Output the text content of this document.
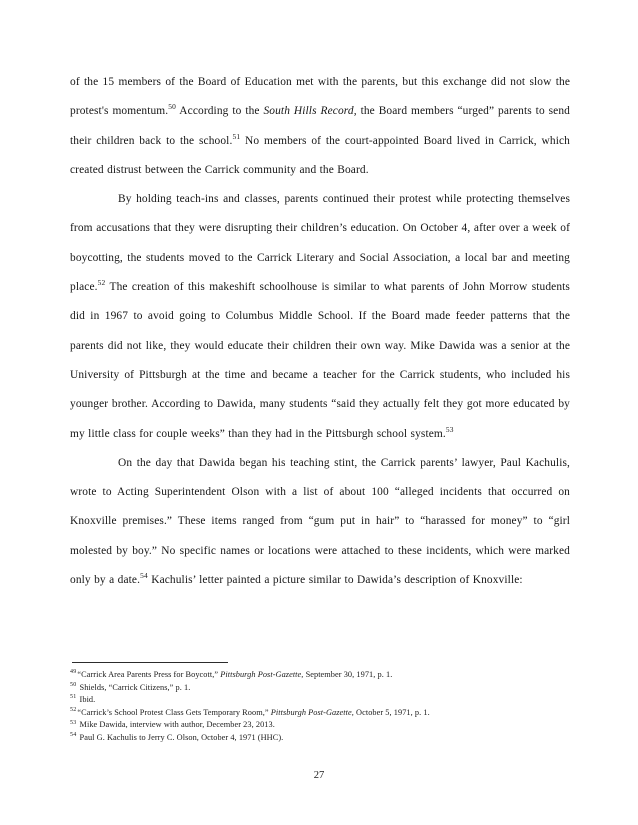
of the 15 members of the Board of Education met with the parents, but this exchange did not slow the protest's momentum.$^{50}$ According to the South Hills Record, the Board members “urged” parents to send their children back to the school.$^{51}$ No members of the court-appointed Board lived in Carrick, which created distrust between the Carrick community and the Board.

By holding teach-ins and classes, parents continued their protest while protecting themselves from accusations that they were disrupting their children’s education. On October 4, after over a week of boycotting, the students moved to the Carrick Literary and Social Association, a local bar and meeting place.$^{52}$ The creation of this makeshift schoolhouse is similar to what parents of John Morrow students did in 1967 to avoid going to Columbus Middle School. If the Board made feeder patterns that the parents did not like, they would educate their children their own way. Mike Dawida was a senior at the University of Pittsburgh at the time and became a teacher for the Carrick students, who included his younger brother. According to Dawida, many students “said they actually felt they got more educated by my little class for couple weeks” than they had in the Pittsburgh school system.$^{53}$

On the day that Dawida began his teaching stint, the Carrick parents’ lawyer, Paul Kachulis, wrote to Acting Superintendent Olson with a list of about 100 “alleged incidents that occurred on Knoxville premises.” These items ranged from “gum put in hair” to “harassed for money” to “girl molested by boy.” No specific names or locations were attached to these incidents, which were marked only by a date.$^{54}$ Kachulis’ letter painted a picture similar to Dawida’s description of Knoxville:

$^{49}$“Carrick Area Parents Press for Boycott,” Pittsburgh Post-Gazette, September 30, 1971, p. 1.

$^{50}$ Shields, “Carrick Citizens,” p. 1.

$^{51}$ Ibid.

$^{52}$“Carrick’s School Protest Class Gets Temporary Room,” Pittsburgh Post-Gazette, October 5, 1971, p. 1.

$^{53}$ Mike Dawida, interview with author, December 23, 2013.

$^{54}$ Paul G. Kachulis to Jerry C. Olson, October 4, 1971 (HHC).

27
